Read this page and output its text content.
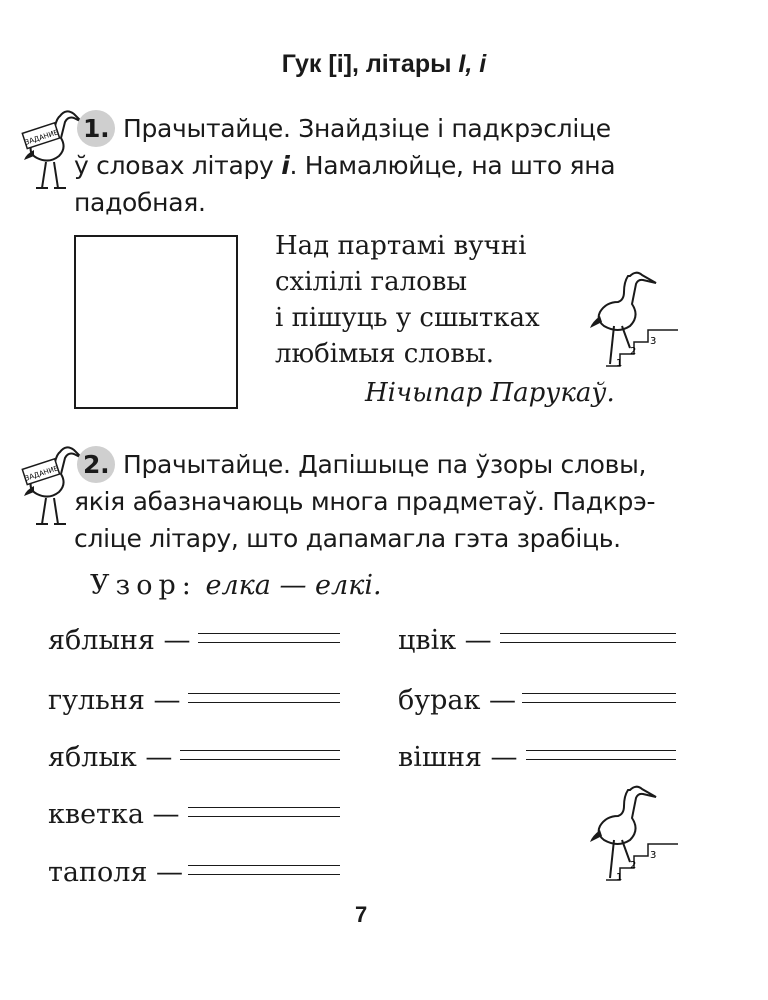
Гук [і], літары І, і
ЗАДАНИЕ 1. Прачытайце. Знайдзіце і падкрэсліце
ў словах літару і. Намалюйце, на што яна
падобная.
Над партамі вучні
схілілі галовы
і пішуць у сшытках
любімыя словы.
Нічыпар Парукаў.
1
2
3
ЗАДАНИЕ 2. Прачытайце. Дапішыце па ўзоры словы,
якія абазначаюць многа прадметаў. Падкрэ-
сліце літару, што дапамагла гэта зрабіць.
Узор: елка — елкі.
яблыня —
гульня —
яблык —
кветка —
таполя —
цвік —
бурак —
вішня —
1
2
3
7
